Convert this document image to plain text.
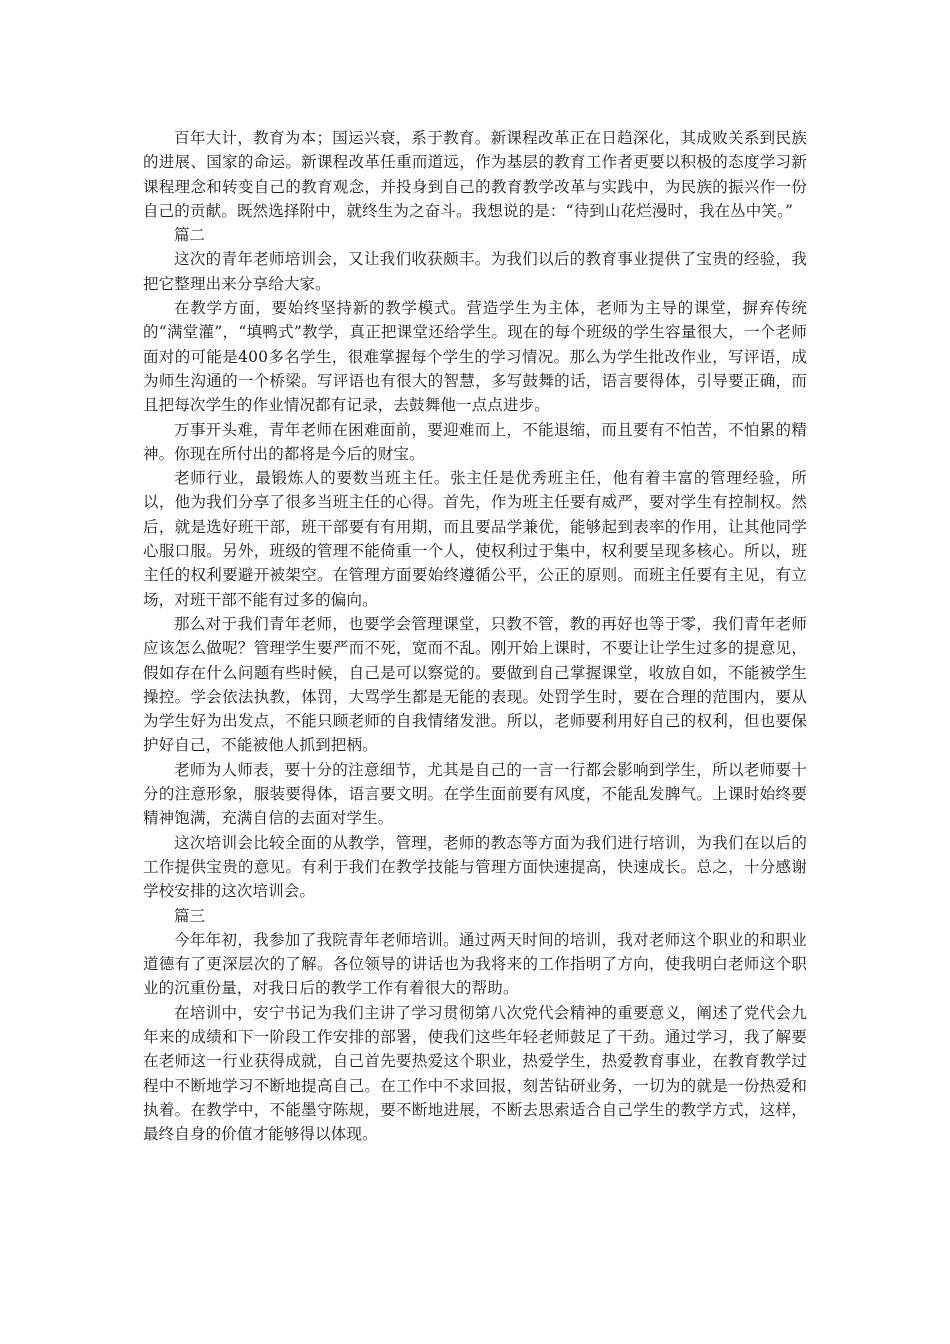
百年大计，教育为本；国运兴衰，系于教育。新课程改革正在日趋深化，其成败关系到民族的进展、国家的命运。新课程改革任重而道远，作为基层的教育工作者更要以积极的态度学习新课程理念和转变自己的教育观念，并投身到自己的教育教学改革与实践中，为民族的振兴作一份自己的贡献。既然选择附中，就终生为之奋斗。我想说的是：“待到山花烂漫时，我在丛中笑。”

篇二

这次的青年老师培训会，又让我们收获颇丰。为我们以后的教育事业提供了宝贵的经验，我把它整理出来分享给大家。

在教学方面，要始终坚持新的教学模式。营造学生为主体，老师为主导的课堂，摒弃传统的“满堂灌”，“填鸭式”教学，真正把课堂还给学生。现在的每个班级的学生容量很大，一个老师面对的可能是400多名学生，很难掌握每个学生的学习情况。那么为学生批改作业，写评语，成为师生沟通的一个桥梁。写评语也有很大的智慧，多写鼓舞的话，语言要得体，引导要正确，而且把每次学生的作业情况都有记录，去鼓舞他一点点进步。

万事开头难，青年老师在困难面前，要迎难而上，不能退缩，而且要有不怕苦，不怕累的精神。你现在所付出的都将是今后的财宝。

老师行业，最锻炼人的要数当班主任。张主任是优秀班主任，他有着丰富的管理经验，所以，他为我们分享了很多当班主任的心得。首先，作为班主任要有威严，要对学生有控制权。然后，就是选好班干部，班干部要有有用期，而且要品学兼优，能够起到表率的作用，让其他同学心服口服。另外，班级的管理不能倚重一个人，使权利过于集中，权利要呈现多核心。所以，班主任的权利要避开被架空。在管理方面要始终遵循公平，公正的原则。而班主任要有主见，有立场，对班干部不能有过多的偏向。

那么对于我们青年老师，也要学会管理课堂，只教不管，教的再好也等于零，我们青年老师应该怎么做呢？管理学生要严而不死，宽而不乱。刚开始上课时，不要让让学生过多的提意见，假如存在什么问题有些时候，自己是可以察觉的。要做到自己掌握课堂，收放自如，不能被学生操控。学会依法执教，体罚，大骂学生都是无能的表现。处罚学生时，要在合理的范围内，要从为学生好为出发点，不能只顾老师的自我情绪发泄。所以，老师要利用好自己的权利，但也要保护好自己，不能被他人抓到把柄。

老师为人师表，要十分的注意细节，尤其是自己的一言一行都会影响到学生，所以老师要十分的注意形象，服装要得体，语言要文明。在学生面前要有风度，不能乱发脾气。上课时始终要精神饱满，充满自信的去面对学生。

这次培训会比较全面的从教学，管理，老师的教态等方面为我们进行培训，为我们在以后的工作提供宝贵的意见。有利于我们在教学技能与管理方面快速提高，快速成长。总之，十分感谢学校安排的这次培训会。

篇三

今年年初，我参加了我院青年老师培训。通过两天时间的培训，我对老师这个职业的和职业道德有了更深层次的了解。各位领导的讲话也为我将来的工作指明了方向，使我明白老师这个职业的沉重份量，对我日后的教学工作有着很大的帮助。

在培训中，安宁书记为我们主讲了学习贯彻第八次党代会精神的重要意义，阐述了党代会九年来的成绩和下一阶段工作安排的部署，使我们这些年轻老师鼓足了干劲。通过学习，我了解要在老师这一行业获得成就，自己首先要热爱这个职业，热爱学生，热爱教育事业，在教育教学过程中不断地学习不断地提高自己。在工作中不求回报，刻苦钻研业务，一切为的就是一份热爱和执着。在教学中，不能墨守陈规，要不断地进展，不断去思索适合自己学生的教学方式，这样，最终自身的价值才能够得以体现。
